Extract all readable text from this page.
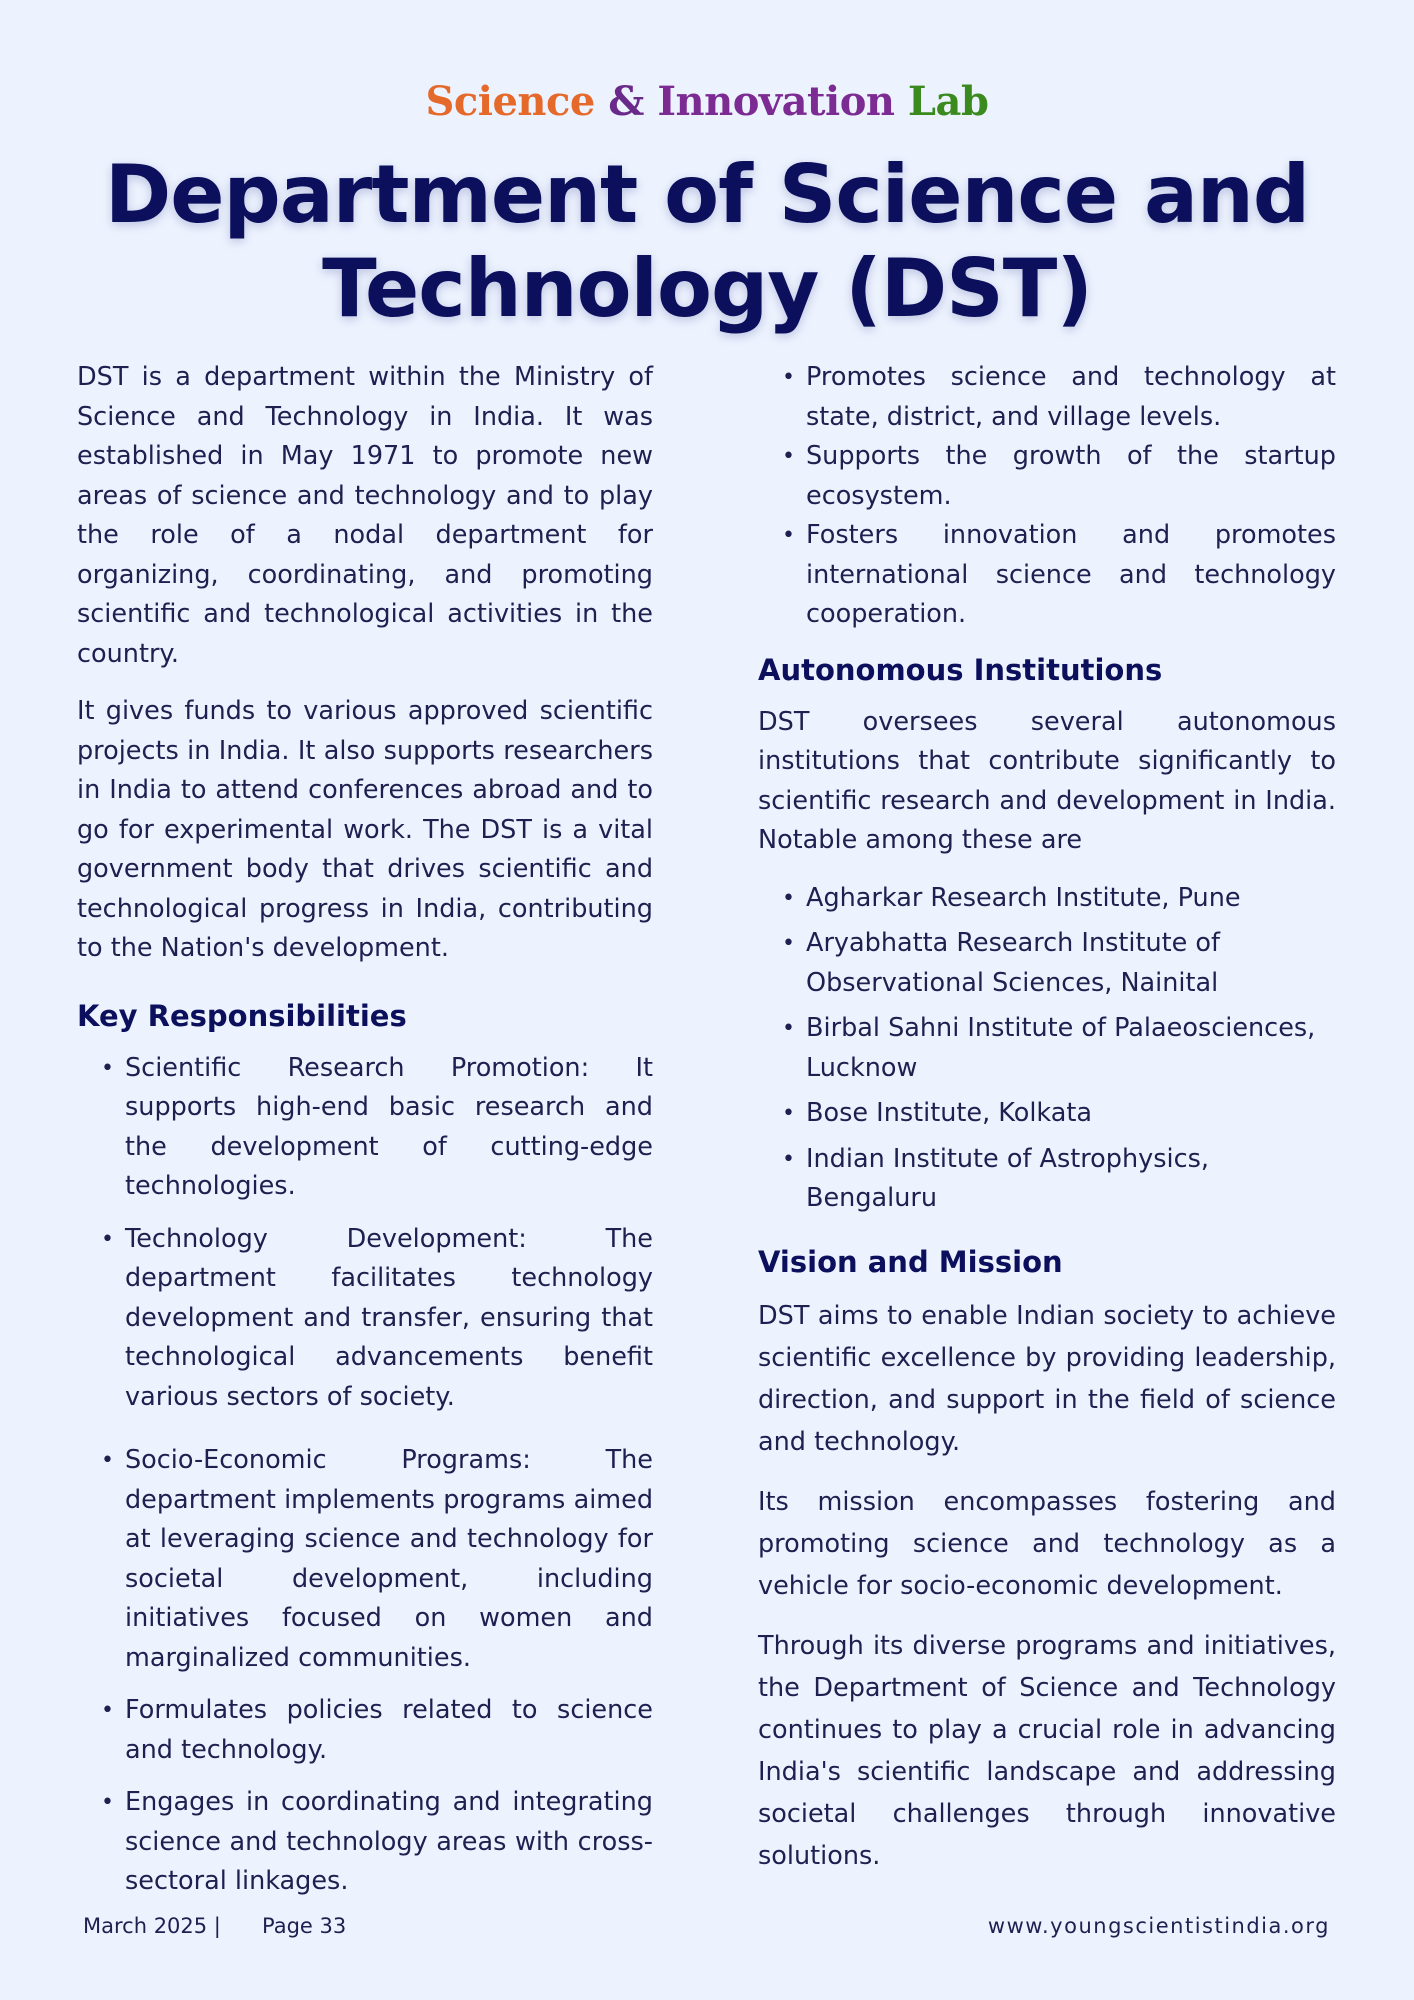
Science & Innovation Lab
Department of Science and Technology (DST)

DST is a department within the Ministry of Science and Technology in India. It was established in May 1971 to promote new areas of science and technology and to play the role of a nodal department for organizing, coordinating, and promoting scientific and technological activities in the country.

It gives funds to various approved scientific projects in India. It also supports researchers in India to attend conferences abroad and to go for experimental work. The DST is a vital government body that drives scientific and technological progress in India, contributing to the Nation's development.

Key Responsibilities
• Scientific Research Promotion: It supports high-end basic research and the development of cutting-edge technologies.
• Technology Development: The department facilitates technology development and transfer, ensuring that technological advancements benefit various sectors of society.
• Socio-Economic Programs: The department implements programs aimed at leveraging science and technology for societal development, including initiatives focused on women and marginalized communities.
• Formulates policies related to science and technology.
• Engages in coordinating and integrating science and technology areas with cross-sectoral linkages.
• Promotes science and technology at state, district, and village levels.
• Supports the growth of the startup ecosystem.
• Fosters innovation and promotes international science and technology cooperation.
Autonomous Institutions

DST oversees several autonomous institutions that contribute significantly to scientific research and development in India. Notable among these are

• Agharkar Research Institute, Pune
• Aryabhatta Research Institute of Observational Sciences, Nainital
• Birbal Sahni Institute of Palaeosciences, Lucknow
• Bose Institute, Kolkata
• Indian Institute of Astrophysics, Bengaluru
Vision and Mission

DST aims to enable Indian society to achieve scientific excellence by providing leadership, direction, and support in the field of science and technology.

Its mission encompasses fostering and promoting science and technology as a vehicle for socio-economic development.

Through its diverse programs and initiatives, the Department of Science and Technology continues to play a crucial role in advancing India's scientific landscape and addressing societal challenges through innovative solutions.

March 2025 | Page 33	www.youngscientistindia.org
